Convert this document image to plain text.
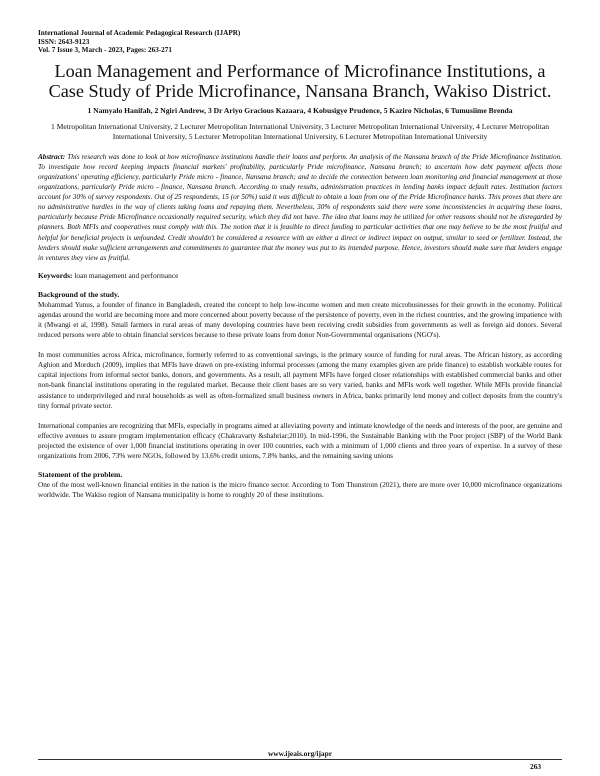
International Journal of Academic Pedagogical Research (IJAPR)
ISSN: 2643-9123
Vol. 7 Issue 3, March - 2023, Pages: 263-271
Loan Management and Performance of Microfinance Institutions, a Case Study of Pride Microfinance, Nansana Branch, Wakiso District.
1 Namyalo Hanifah, 2 Ngiri Andrew, 3 Dr Ariyo Gracious Kazaara, 4 Kobusigye Prudence, 5 Kaziro Nicholas, 6 Tumusiime Brenda
1 Metropolitan International University, 2 Lecturer Metropolitan International University, 3 Lecturer Metropolitan International University, 4 Lecturer Metropolitan International University, 5 Lecturer Metropolitan International University, 6 Lecturer Metropolitan International University

Abstract: This research was done to look at how microfinance institutions handle their loans and perform. An analysis of the Nansana branch of the Pride Microfinance Institution. To investigate how record keeping impacts financial markets' profitability, particularly Pride microfinance, Nansana branch; to ascertain how debt payment affects those organizations' operating efficiency, particularly Pride micro - finance, Nansana branch; and to decide the connection between loan monitoring and financial management at those organizations, particularly Pride micro - finance, Nansana branch. According to study results, administration practices in lending banks impact default rates. Institution factors account for 30% of survey respondents. Out of 25 respondents, 15 (or 50%) said it was difficult to obtain a loan from one of the Pride Microfinance banks. This proves that there are no administrative hurdles in the way of clients taking loans and repaying them. Nevertheless, 30% of respondents said there were some inconsistencies in acquiring these loans, particularly because Pride Microfinance occasionally required security, which they did not have. The idea that loans may be utilized for other reasons should not be disregarded by planners. Both MFIs and cooperatives must comply with this. The notion that it is feasible to direct funding to particular activities that one may believe to be the most fruitful and helpful for beneficial projects is unfounded. Credit shouldn't be considered a resource with an either a direct or indirect impact on output, similar to seed or fertilizer. Instead, the lenders should make sufficient arrangements and commitments to guarantee that the money was put to its intended purpose. Hence, investors should make sure that lenders engage in ventures they view as fruitful.

Keywords: loan management and performance

Background of the study.

Mohammad Yunus, a founder of finance in Bangladesh, created the concept to help low-income women and men create microbusinesses for their growth in the economy. Political agendas around the world are becoming more and more concerned about poverty because of the persistence of poverty, even in the richest countries, and the growing impatience with it (Mwangi et al, 1998). Small farmers in rural areas of many developing countries have been receiving credit subsidies from governments as well as foreign aid donors. Several reduced persons were able to obtain financial services because to these private loans from donor Non-Governmental organisations (NGO's).

In most communities across Africa, microfinance, formerly referred to as conventional savings, is the primary source of funding for rural areas. The African history, as according Aghion and Morduch (2009), implies that MFIs have drawn on pre-existing informal processes (among the many examples given are pride finance) to establish workable routes for capital injections from informal sector banks, donors, and governments. As a result, all payment MFIs have forged closer relationships with established commercial banks and other non-bank financial institutions operating in the regulated market. Because their client bases are so very varied, banks and MFIs work well together. While MFIs provide financial assistance to underprivileged and rural households as well as often-formalized small business owners in Africa, banks primarily lend money and collect deposits from the country's tiny formal private sector.

International companies are recognizing that MFIs, especially in programs aimed at alleviating poverty and intimate knowledge of the needs and interests of the poor, are genuine and effective avenues to assure program implementation efficacy (Chakravarty &shahriar;2010). In mid-1996, the Sustainable Banking with the Poor project (SBP) of the World Bank projected the existence of over 1,000 financial institutions operating in over 100 countries, each with a minimum of 1,000 clients and three years of expertise. In a survey of these organizations from 2006, 73% were NGOs, followed by 13.6% credit unions, 7.8% banks, and the remaining saving unions

Statement of the problem.

One of the most well-known financial entities in the nation is the micro finance sector. According to Tom Thunstrom (2021), there are more over 10,000 microfinance organizations worldwide. The Wakiso region of Nansana municipality is home to roughly 20 of these institutions.

www.ijeais.org/ijapr
263
